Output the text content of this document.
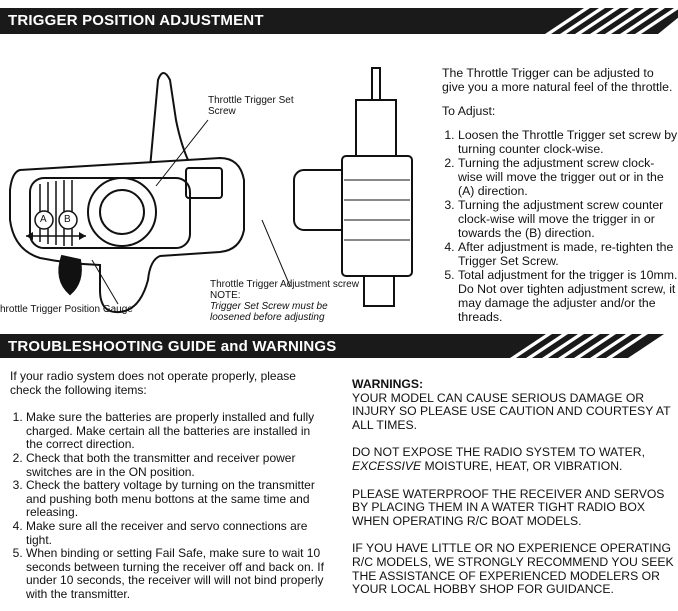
TRIGGER POSITION ADJUSTMENT
A B
Throttle Trigger Set Screw
hrottle Trigger Position Gauge
Throttle Trigger Adjustment screw
NOTE:
Trigger Set Screw must be
loosened before adjusting

The Throttle Trigger can be adjusted to give you a more natural feel of the throttle.

To Adjust:

1. Loosen the Throttle Trigger set screw by turning counter clock-wise.
2. Turning the adjustment screw clock-wise will move the trigger out or in the (A) direction.
3. Turning the adjustment screw counter clock-wise will move the trigger in or towards the (B) direction.
4. After adjustment is made, re-tighten the Trigger Set Screw.
5. Total adjustment for the trigger is 10mm. Do Not over tighten adjustment screw, it may damage the adjuster and/or the threads.
TROUBLESHOOTING GUIDE and WARNINGS

If your radio system does not operate properly, please check the following items:

1. Make sure the batteries are properly installed and fully charged. Make certain all the batteries are installed in the correct direction.
2. Check that both the transmitter and receiver power switches are in the ON position.
3. Check the battery voltage by turning on the transmitter and pushing both menu bottons at the same time and releasing.
4. Make sure all the receiver and servo connections are tight.
5. When binding or setting Fail Safe, make sure to wait 10 seconds between turning the receiver off and back on. If under 10 seconds, the receiver will will not bind properly with the transmitter.
WARNINGS:

YOUR MODEL CAN CAUSE SERIOUS DAMAGE OR INJURY SO PLEASE USE CAUTION AND COURTESY AT ALL TIMES.

DO NOT EXPOSE THE RADIO SYSTEM TO WATER,
EXCESSIVE MOISTURE, HEAT, OR VIBRATION.

PLEASE WATERPROOF THE RECEIVER AND SERVOS BY PLACING THEM IN A WATER TIGHT RADIO BOX WHEN OPERATING R/C BOAT MODELS.

IF YOU HAVE LITTLE OR NO EXPERIENCE OPERATING R/C MODELS, WE STRONGLY RECOMMEND YOU SEEK THE ASSISTANCE OF EXPERIENCED MODELERS OR YOUR LOCAL HOBBY SHOP FOR GUIDANCE.
